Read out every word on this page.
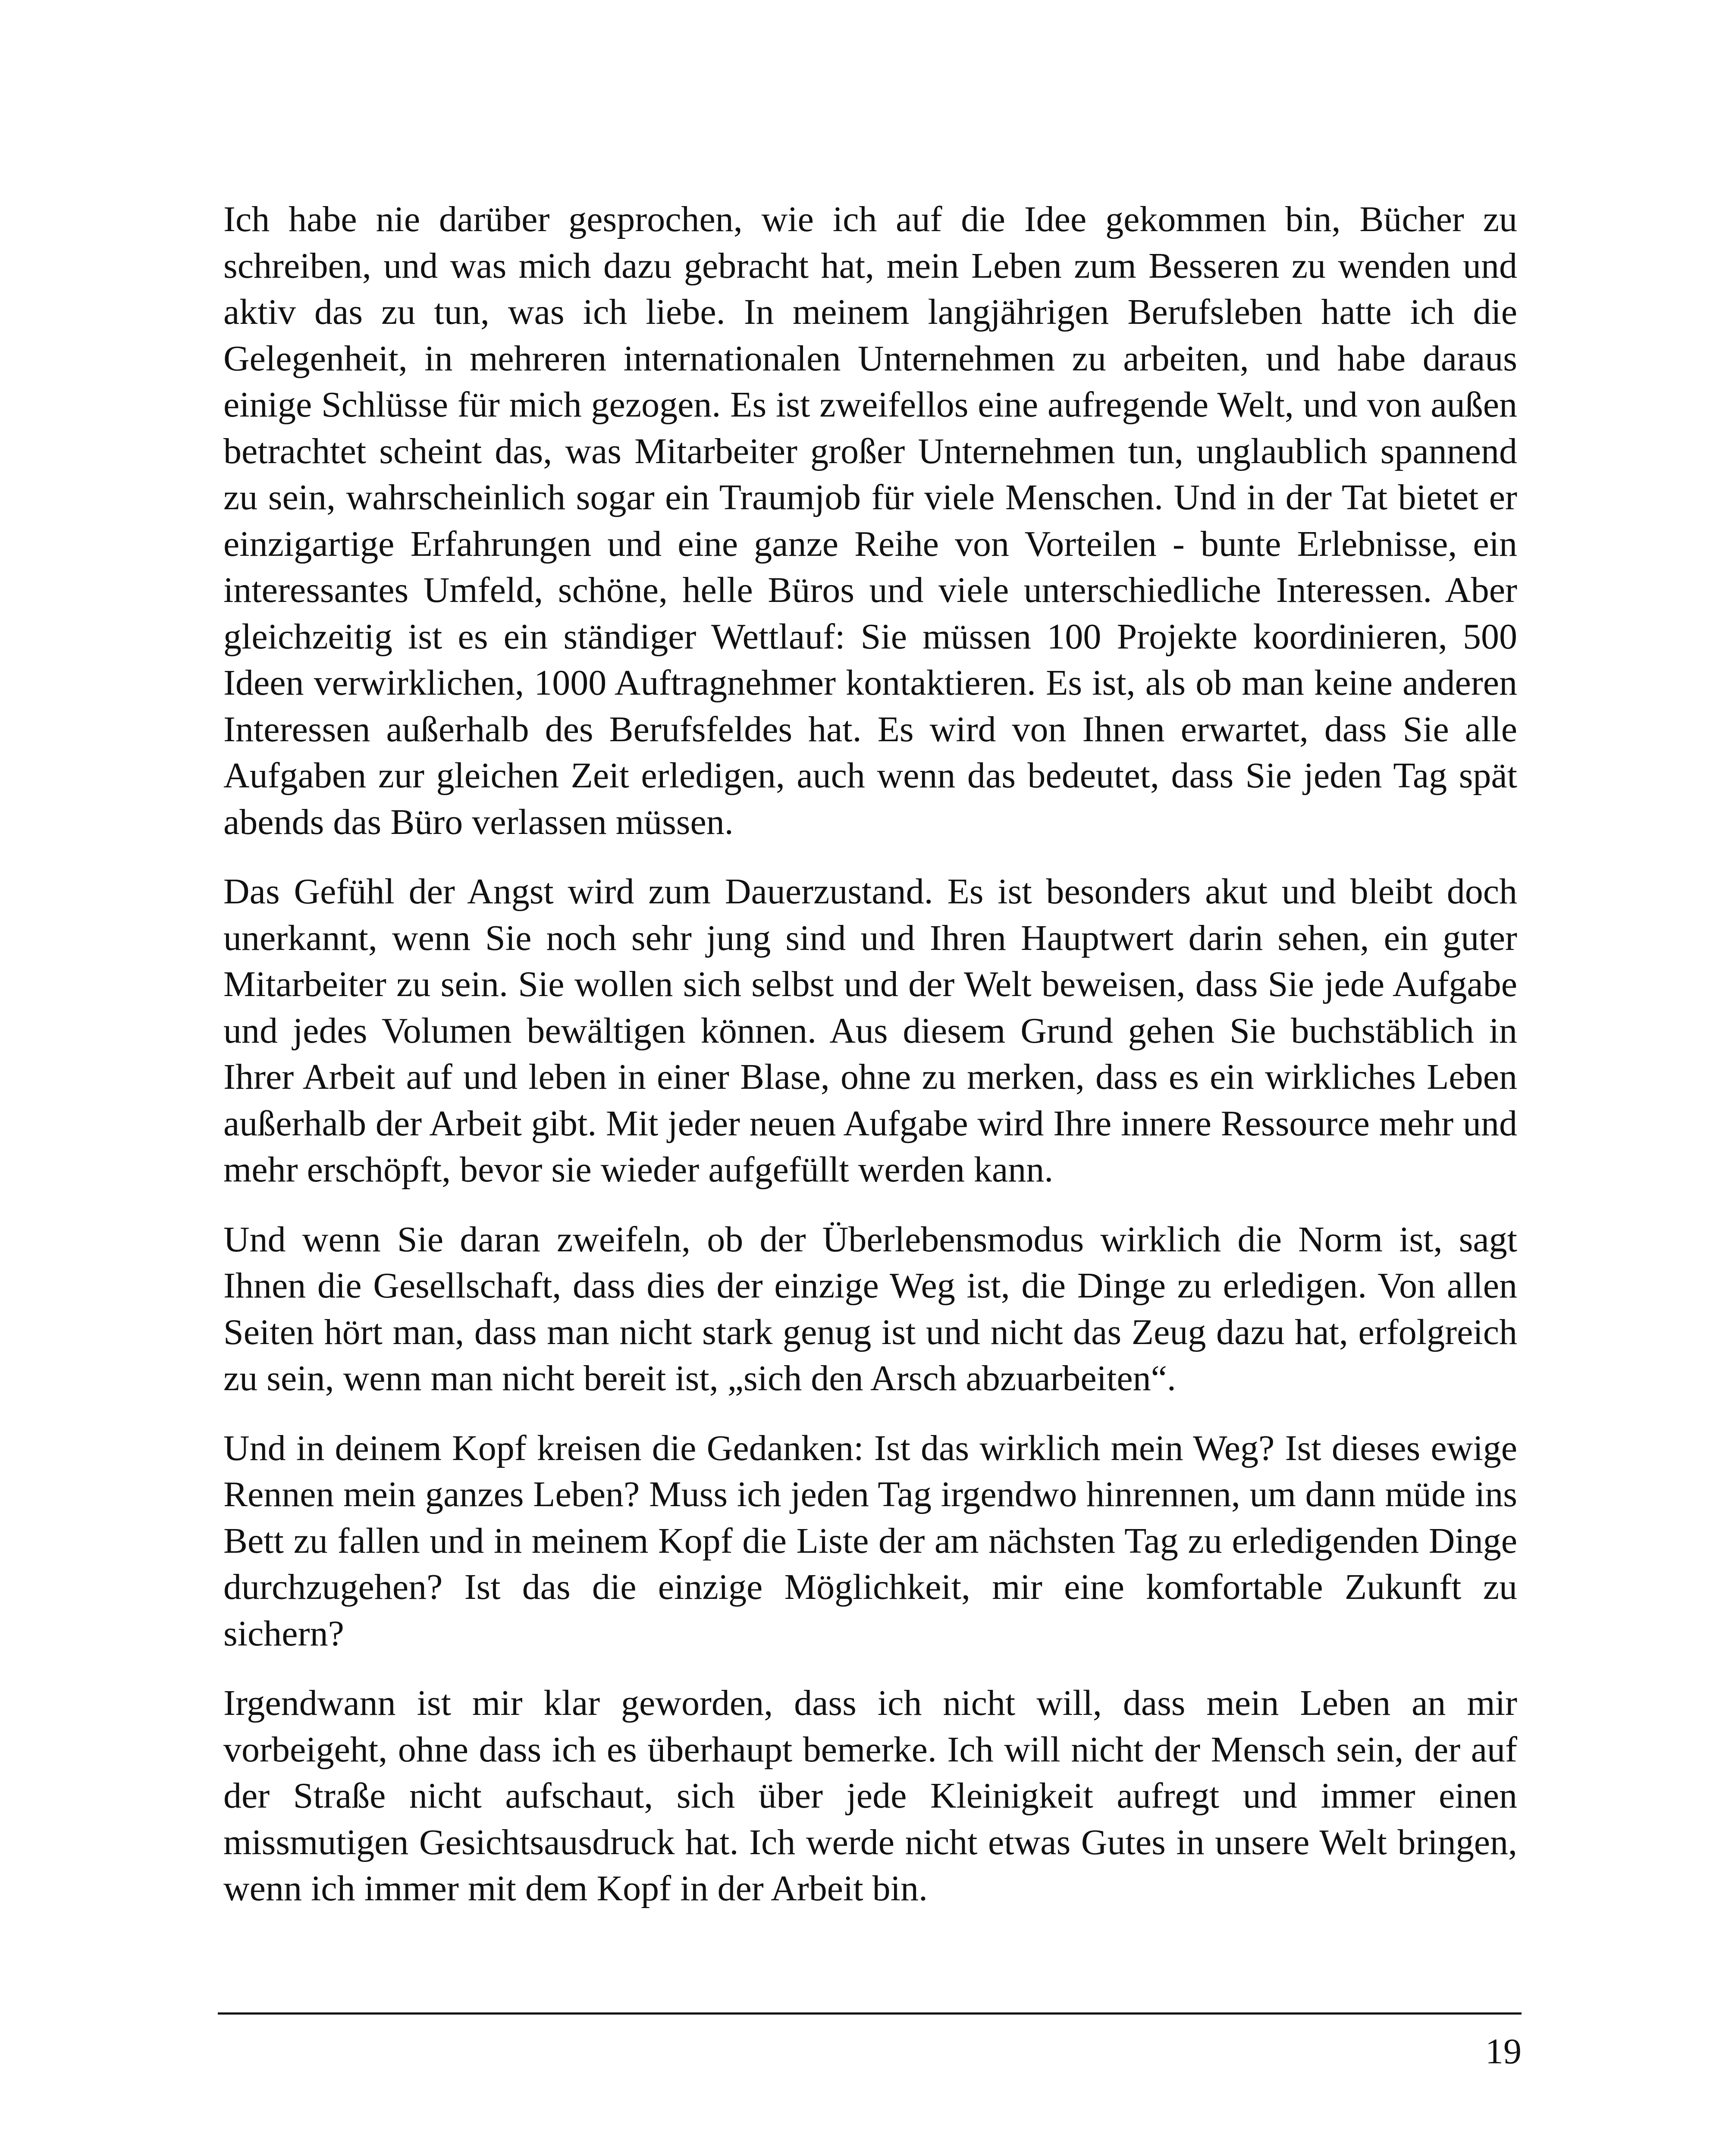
Ich habe nie darüber gesprochen, wie ich auf die Idee gekommen bin, Bücher zu schreiben, und was mich dazu gebracht hat, mein Leben zum Besseren zu wenden und aktiv das zu tun, was ich liebe. In meinem langjährigen Berufsleben hatte ich die Gelegenheit, in mehreren internationalen Unternehmen zu arbeiten, und habe daraus einige Schlüsse für mich gezogen. Es ist zweifellos eine aufregende Welt, und von außen betrachtet scheint das, was Mitarbeiter großer Unternehmen tun, unglaublich spannend zu sein, wahrscheinlich sogar ein Traumjob für viele Menschen. Und in der Tat bietet er einzigartige Erfahrungen und eine ganze Reihe von Vorteilen - bunte Erlebnisse, ein interessantes Umfeld, schöne, helle Büros und viele unterschiedliche Interessen. Aber gleichzeitig ist es ein ständiger Wettlauf: Sie müssen 100 Projekte koordinieren, 500 Ideen verwirklichen, 1000 Auftragnehmer kontaktieren. Es ist, als ob man keine anderen Interessen außerhalb des Berufsfeldes hat. Es wird von Ihnen erwartet, dass Sie alle Aufgaben zur gleichen Zeit erledigen, auch wenn das bedeutet, dass Sie jeden Tag spät abends das Büro verlassen müssen.

Das Gefühl der Angst wird zum Dauerzustand. Es ist besonders akut und bleibt doch unerkannt, wenn Sie noch sehr jung sind und Ihren Hauptwert darin sehen, ein guter Mitarbeiter zu sein. Sie wollen sich selbst und der Welt beweisen, dass Sie jede Aufgabe und jedes Volumen bewältigen können. Aus diesem Grund gehen Sie buchstäblich in Ihrer Arbeit auf und leben in einer Blase, ohne zu merken, dass es ein wirkliches Leben außerhalb der Arbeit gibt. Mit jeder neuen Aufgabe wird Ihre innere Ressource mehr und mehr erschöpft, bevor sie wieder aufgefüllt werden kann.

Und wenn Sie daran zweifeln, ob der Überlebensmodus wirklich die Norm ist, sagt Ihnen die Gesellschaft, dass dies der einzige Weg ist, die Dinge zu erledigen. Von allen Seiten hört man, dass man nicht stark genug ist und nicht das Zeug dazu hat, erfolgreich zu sein, wenn man nicht bereit ist, „sich den Arsch abzuarbeiten“.

Und in deinem Kopf kreisen die Gedanken: Ist das wirklich mein Weg? Ist dieses ewige Rennen mein ganzes Leben? Muss ich jeden Tag irgendwo hinrennen, um dann müde ins Bett zu fallen und in meinem Kopf die Liste der am nächsten Tag zu erledigenden Dinge durchzugehen? Ist das die einzige Möglichkeit, mir eine komfortable Zukunft zu sichern?

Irgendwann ist mir klar geworden, dass ich nicht will, dass mein Leben an mir vorbeigeht, ohne dass ich es überhaupt bemerke. Ich will nicht der Mensch sein, der auf der Straße nicht aufschaut, sich über jede Kleinigkeit aufregt und immer einen missmutigen Gesichtsausdruck hat. Ich werde nicht etwas Gutes in unsere Welt bringen, wenn ich immer mit dem Kopf in der Arbeit bin.

19
